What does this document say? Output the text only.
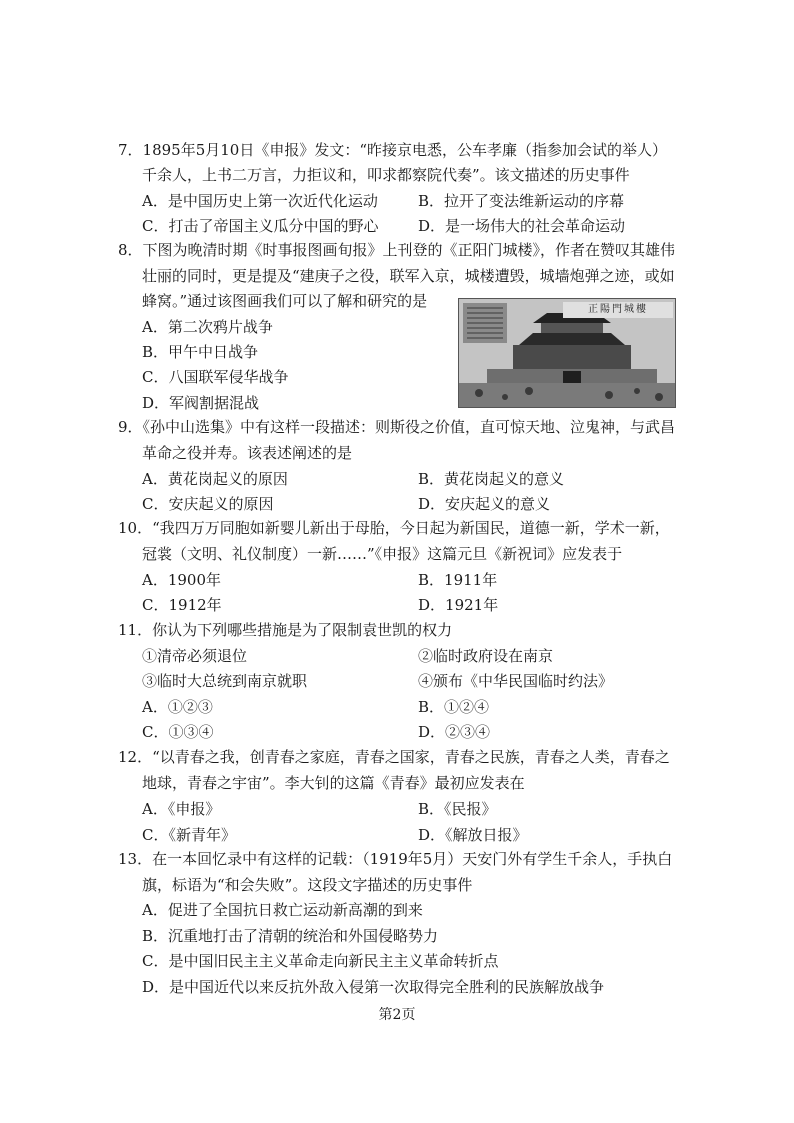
7．1895年5月10日《申报》发文：“昨接京电悉，公车孝廉（指参加会试的举人）
千余人，上书二万言，力拒议和，叩求都察院代奏”。该文描述的历史事件
A．是中国历史上第一次近代化运动	B．拉开了变法维新运动的序幕
C．打击了帝国主义瓜分中国的野心	D．是一场伟大的社会革命运动
8．下图为晚清时期《时事报图画旬报》上刊登的《正阳门城楼》，作者在赞叹其雄伟
壮丽的同时，更是提及“建庚子之役，联军入京，城楼遭毁，城墙炮弹之迹，或如
蜂窝。”通过该图画我们可以了解和研究的是
A．第二次鸦片战争
B．甲午中日战争
C．八国联军侵华战争
D．军阀割据混战
正陽門城樓
9．《孙中山选集》中有这样一段描述：则斯役之价值，直可惊天地、泣鬼神，与武昌
革命之役并寿。该表述阐述的是
A．黄花岗起义的原因	B．黄花岗起义的意义
C．安庆起义的原因	D．安庆起义的意义
10．“我四万万同胞如新婴儿新出于母胎，今日起为新国民，道德一新，学术一新，
冠裳（文明、礼仪制度）一新……”《申报》这篇元旦《新祝词》应发表于
A．1900年	B．1911年
C．1912年	D．1921年
11．你认为下列哪些措施是为了限制袁世凯的权力
①清帝必须退位	②临时政府设在南京
③临时大总统到南京就职	④颁布《中华民国临时约法》
A．①②③	B．①②④
C．①③④	D．②③④
12．“以青春之我，创青春之家庭，青春之国家，青春之民族，青春之人类，青春之
地球，青春之宇宙”。李大钊的这篇《青春》最初应发表在
A．《申报》	B．《民报》
C．《新青年》	D．《解放日报》
13．在一本回忆录中有这样的记载：（1919年5月）天安门外有学生千余人，手执白
旗，标语为“和会失败”。这段文字描述的历史事件
A．促进了全国抗日救亡运动新高潮的到来
B．沉重地打击了清朝的统治和外国侵略势力
C．是中国旧民主主义革命走向新民主主义革命转折点
D．是中国近代以来反抗外敌入侵第一次取得完全胜利的民族解放战争
第2页
